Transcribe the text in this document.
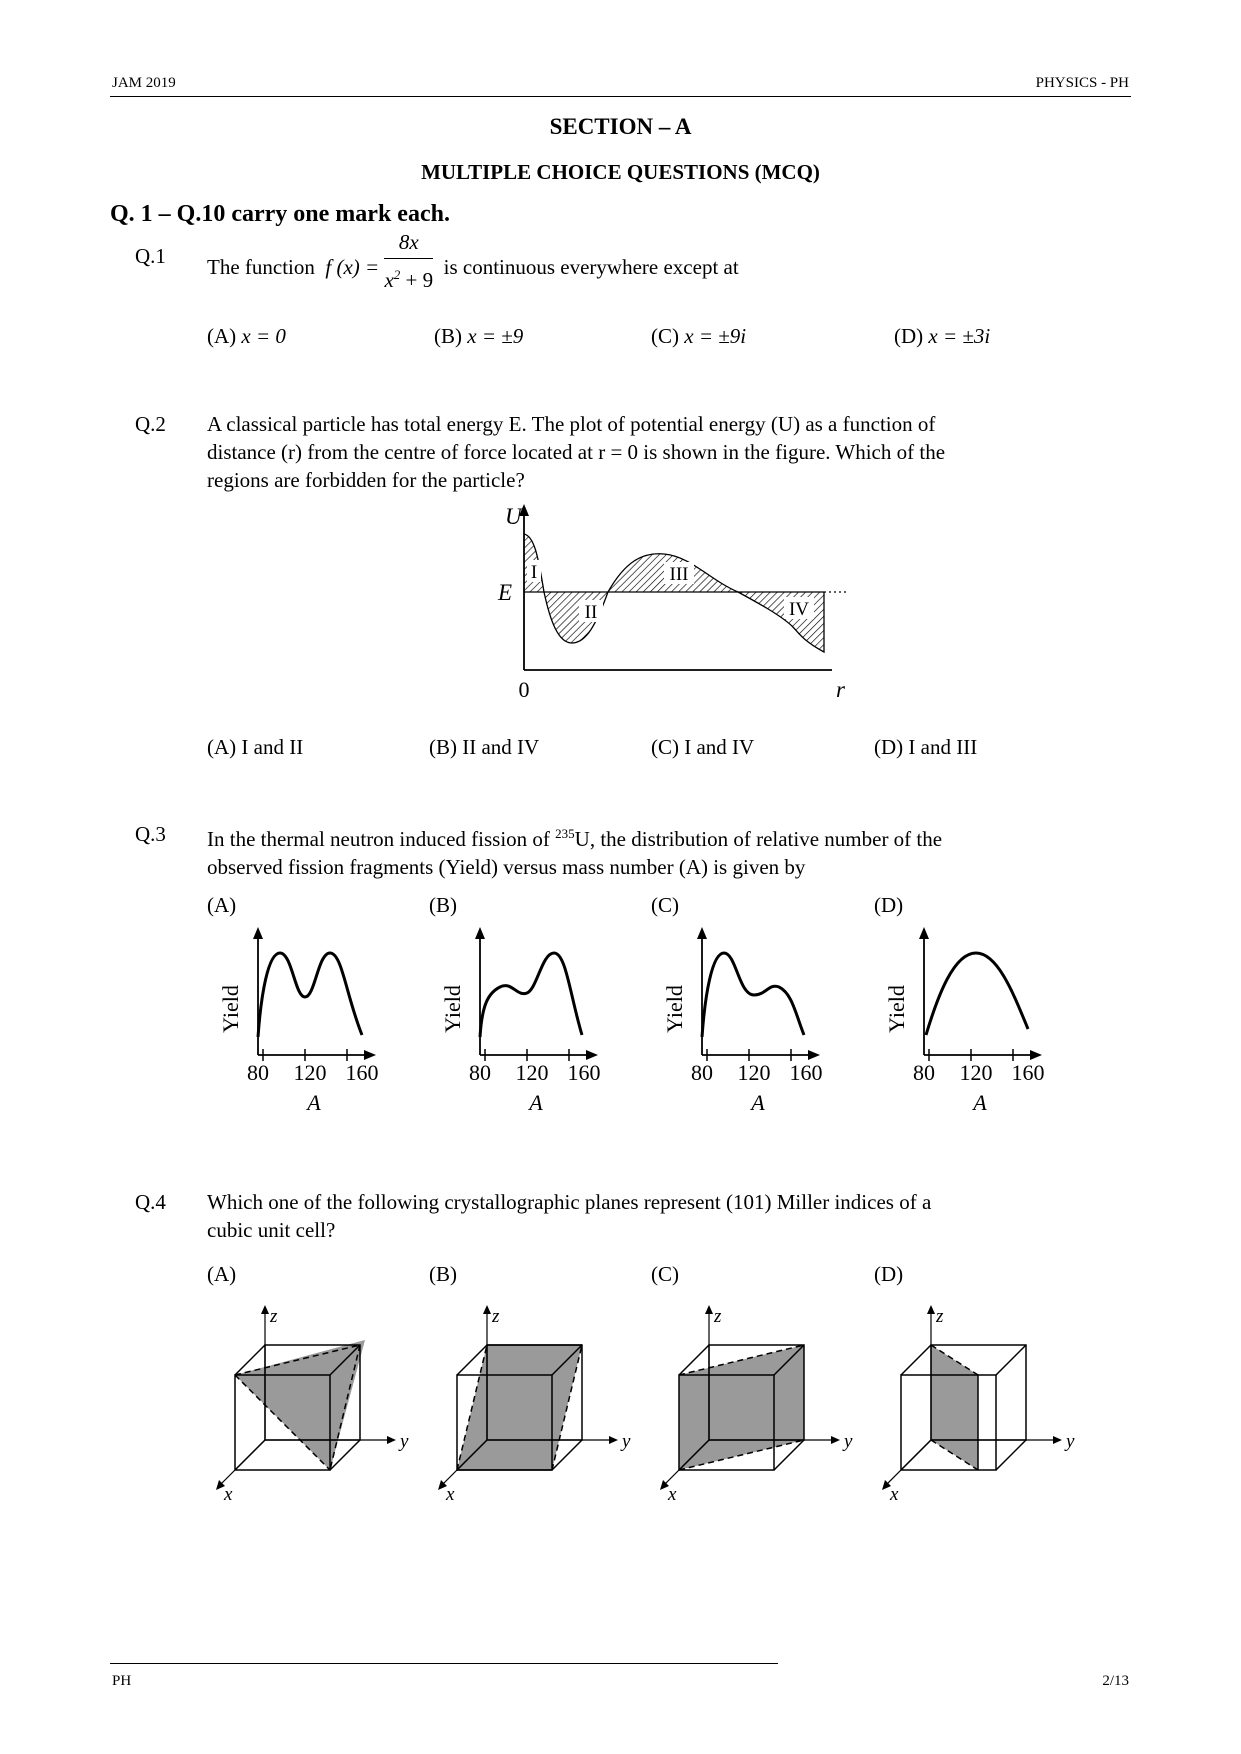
JAM 2019	PHYSICS - PH
SECTION – A
MULTIPLE CHOICE QUESTIONS (MCQ)
Q. 1 – Q.10 carry one mark each.
Q.1 The function f $(x) = \frac{8x}{x^2 + 9}$ is continuous everywhere except at
(A) x = 0	(B) x = ±9	(C) x = ±9i	(D) x = ±3i
Q.2 A classical particle has total energy E. The plot of potential energy (U) as a function of
distance (r) from the centre of force located at r = 0 is shown in the figure. Which of the
regions are forbidden for the particle?
I
II
III
IV
U
E
0	r
(A) I and II	(B) II and IV	(C) I and IV	(D) I and III
Q.3 In the thermal neutron induced fission of $^{235}$U, the distribution of relative number of the
observed fission fragments (Yield) versus mass number (A) is given by
(A)	(B)	(C)	(D)
Yield
80 120 160
A
Yield
80 120 160
A
Yield
80 120 160
A
Yield
80 120 160
A
Q.4 Which one of the following crystallographic planes represent (101) Miller indices of a
cubic unit cell?
(A)	(B)	(C)	(D)
z
y
x
z
y
x
z
y
x
z
y
x
PH	2/13
